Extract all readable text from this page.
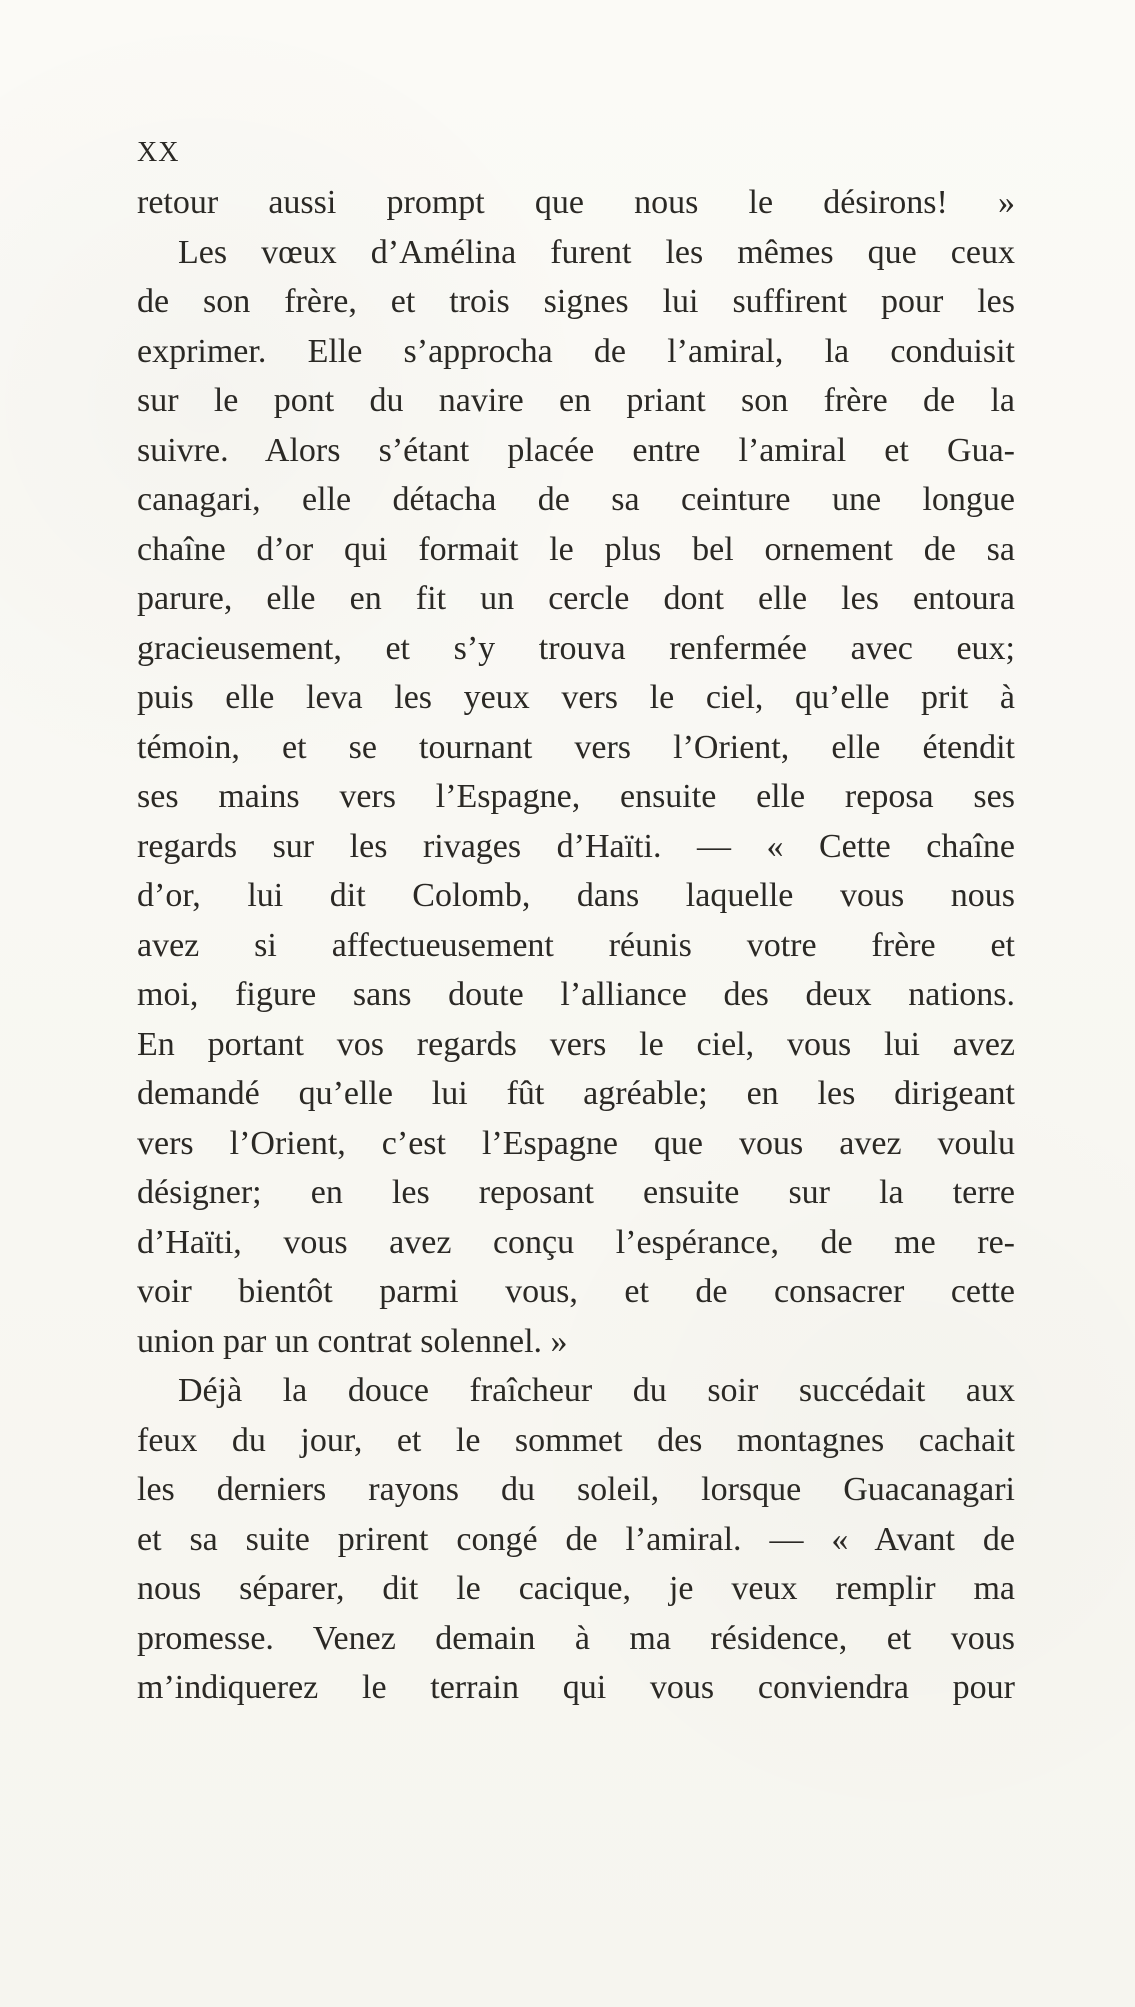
XX
retour aussi prompt que nous le désirons! »
Les vœux d’Amélina furent les mêmes que ceux
de son frère, et trois signes lui suffirent pour les
exprimer. Elle s’approcha de l’amiral, la conduisit
sur le pont du navire en priant son frère de la
suivre. Alors s’étant placée entre l’amiral et Gua-
canagari, elle détacha de sa ceinture une longue
chaîne d’or qui formait le plus bel ornement de sa
parure, elle en fit un cercle dont elle les entoura
gracieusement, et s’y trouva renfermée avec eux;
puis elle leva les yeux vers le ciel, qu’elle prit à
témoin, et se tournant vers l’Orient, elle étendit
ses mains vers l’Espagne, ensuite elle reposa ses
regards sur les rivages d’Haïti. — « Cette chaîne
d’or, lui dit Colomb, dans laquelle vous nous
avez si affectueusement réunis votre frère et
moi, figure sans doute l’alliance des deux nations.
En portant vos regards vers le ciel, vous lui avez
demandé qu’elle lui fût agréable; en les dirigeant
vers l’Orient, c’est l’Espagne que vous avez voulu
désigner; en les reposant ensuite sur la terre
d’Haïti, vous avez conçu l’espérance, de me re-
voir bientôt parmi vous, et de consacrer cette
union par un contrat solennel. »
Déjà la douce fraîcheur du soir succédait aux
feux du jour, et le sommet des montagnes cachait
les derniers rayons du soleil, lorsque Guacanagari
et sa suite prirent congé de l’amiral. — « Avant de
nous séparer, dit le cacique, je veux remplir ma
promesse. Venez demain à ma résidence, et vous
m’indiquerez le terrain qui vous conviendra pour
